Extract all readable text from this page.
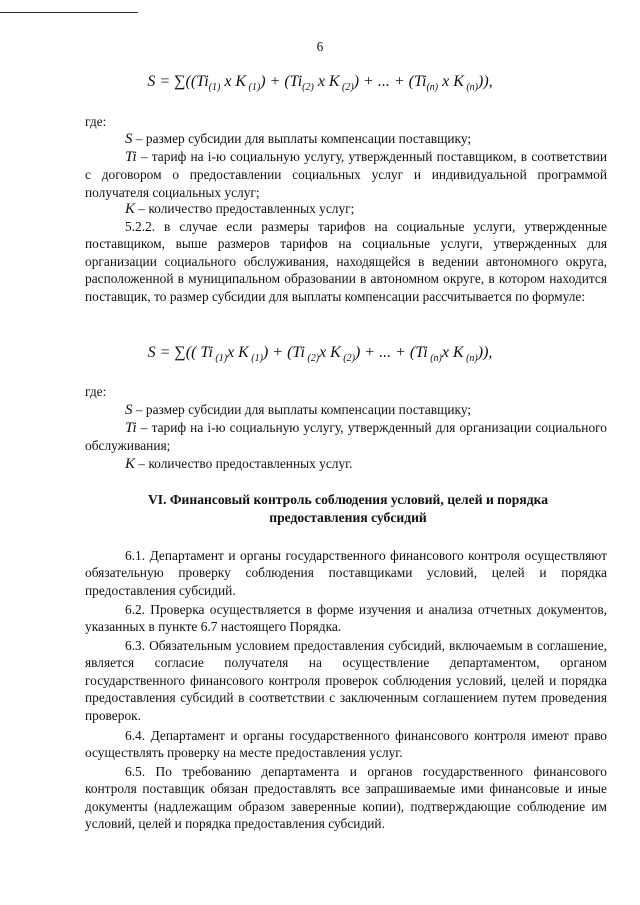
6
$S = \sum((Ti_{(1)}$ х К $_{(1)}) + (Ti_{(2)}$ х К $_{(2)}$) + ... + ($Ti_{(n)}$ х К $_{(n)}$)),
где:
S – размер субсидии для выплаты компенсации поставщику;
Ti – тариф на i-ю социальную услугу, утвержденный поставщиком, в соответствии с договором о предоставлении социальных услуг и индивидуальной программой получателя социальных услуг;
К – количество предоставленных услуг;
5.2.2. в случае если размеры тарифов на социальные услуги, утвержденные поставщиком, выше размеров тарифов на социальные услуги, утвержденных для организации социального обслуживания, находящейся в ведении автономного округа, расположенной в муниципальном образовании в автономном округе, в котором находится поставщик, то размер субсидии для выплаты компенсации рассчитывается по формуле:
S = ∑(( Ti $_{(1)}$х К $_{(1)}$) + (Ti $_{(2)}$х К $_{(2)}$) + ... + (Ti $_{(n)}$х К $_{(n)}$)),
где:
S – размер субсидии для выплаты компенсации поставщику;
Ti – тариф на i-ю социальную услугу, утвержденный для организации социального обслуживания;
К – количество предоставленных услуг.
VI. Финансовый контроль соблюдения условий, целей и порядка предоставления субсидий
6.1. Департамент и органы государственного финансового контроля осуществляют обязательную проверку соблюдения поставщиками условий, целей и порядка предоставления субсидий.
6.2. Проверка осуществляется в форме изучения и анализа отчетных документов, указанных в пункте 6.7 настоящего Порядка.
6.3. Обязательным условием предоставления субсидий, включаемым в соглашение, является согласие получателя на осуществление департаментом, органом государственного финансового контроля проверок соблюдения условий, целей и порядка предоставления субсидий в соответствии с заключенным соглашением путем проведения проверок.
6.4. Департамент и органы государственного финансового контроля имеют право осуществлять проверку на месте предоставления услуг.
6.5. По требованию департамента и органов государственного финансового контроля поставщик обязан предоставлять все запрашиваемые ими финансовые и иные документы (надлежащим образом заверенные копии), подтверждающие соблюдение им условий, целей и порядка предоставления субсидий.
